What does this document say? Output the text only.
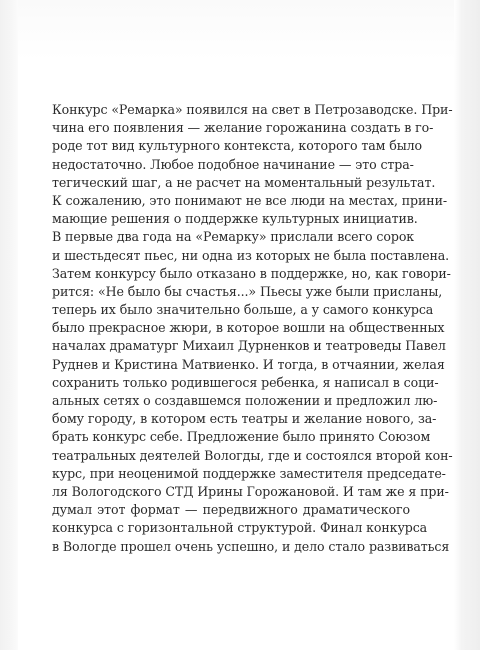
Конкурс «Ремарка» появился на свет в Петрозаводске. При-
чина его появления — желание горожанина создать в го-
роде тот вид культурного контекста, которого там было
недостаточно. Любое подобное начинание — это стра-
тегический шаг, а не расчет на моментальный результат.
К сожалению, это понимают не все люди на местах, прини-
мающие решения о поддержке культурных инициатив.
В первые два года на «Ремарку» прислали всего сорок
и шестьдесят пьес, ни одна из которых не была поставлена.
Затем конкурсу было отказано в поддержке, но, как говори-
рится: «Не было бы счастья...» Пьесы уже были присланы,
теперь их было значительно больше, а у самого конкурса
было прекрасное жюри, в которое вошли на общественных
началах драматург Михаил Дурненков и театроведы Павел
Руднев и Кристина Матвиенко. И тогда, в отчаянии, желая
сохранить только родившегося ребенка, я написал в соци-
альных сетях о создавшемся положении и предложил лю-
бому городу, в котором есть театры и желание нового, за-
брать конкурс себе. Предложение было принято Союзом
театральных деятелей Вологды, где и состоялся второй кон-
курс, при неоценимой поддержке заместителя председате-
ля Вологодского СТД Ирины Горожановой. И там же я при-
думал этот формат — передвижного драматического
конкурса с горизонтальной структурой. Финал конкурса
в Вологде прошел очень успешно, и дело стало развиваться
